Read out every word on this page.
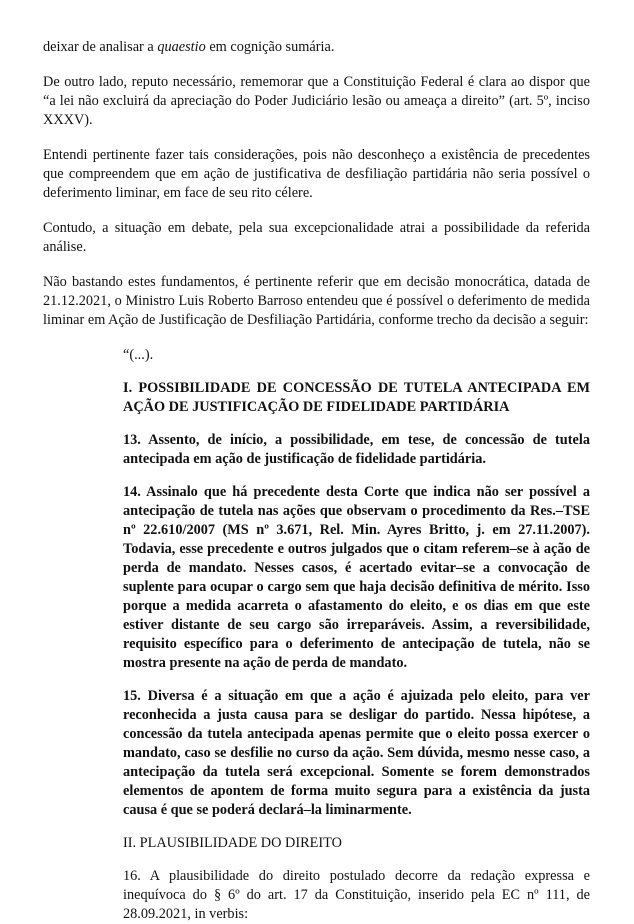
deixar de analisar a quaestio em cognição sumária.

De outro lado, reputo necessário, rememorar que a Constituição Federal é clara ao dispor que “a lei não excluirá da apreciação do Poder Judiciário lesão ou ameaça a direito” (art. 5º, inciso XXXV).

Entendi pertinente fazer tais considerações, pois não desconheço a existência de precedentes que compreendem que em ação de justificativa de desfiliação partidária não seria possível o deferimento liminar, em face de seu rito célere.

Contudo, a situação em debate, pela sua excepcionalidade atrai a possibilidade da referida análise.

Não bastando estes fundamentos, é pertinente referir que em decisão monocrática, datada de 21.12.2021, o Ministro Luis Roberto Barroso entendeu que é possível o deferimento de medida liminar em Ação de Justificação de Desfiliação Partidária, conforme trecho da decisão a seguir:

“(...).

I. POSSIBILIDADE DE CONCESSÃO DE TUTELA ANTECIPADA EM AÇÃO DE JUSTIFICAÇÃO DE FIDELIDADE PARTIDÁRIA

13. Assento, de início, a possibilidade, em tese, de concessão de tutela antecipada em ação de justificação de fidelidade partidária.

14. Assinalo que há precedente desta Corte que indica não ser possível a antecipação de tutela nas ações que observam o procedimento da Res.–TSE nº 22.610/2007 (MS nº 3.671, Rel. Min. Ayres Britto, j. em 27.11.2007). Todavia, esse precedente e outros julgados que o citam referem–se à ação de perda de mandato. Nesses casos, é acertado evitar–se a convocação de suplente para ocupar o cargo sem que haja decisão definitiva de mérito. Isso porque a medida acarreta o afastamento do eleito, e os dias em que este estiver distante de seu cargo são irreparáveis. Assim, a reversibilidade, requisito específico para o deferimento de antecipação de tutela, não se mostra presente na ação de perda de mandato.

15. Diversa é a situação em que a ação é ajuizada pelo eleito, para ver reconhecida a justa causa para se desligar do partido. Nessa hipótese, a concessão da tutela antecipada apenas permite que o eleito possa exercer o mandato, caso se desfilie no curso da ação. Sem dúvida, mesmo nesse caso, a antecipação da tutela será excepcional. Somente se forem demonstrados elementos de apontem de forma muito segura para a existência da justa causa é que se poderá declará–la liminarmente.

II. PLAUSIBILIDADE DO DIREITO

16. A plausibilidade do direito postulado decorre da redação expressa e inequívoca do § 6º do art. 17 da Constituição, inserido pela EC nº 111, de 28.09.2021, in verbis:
